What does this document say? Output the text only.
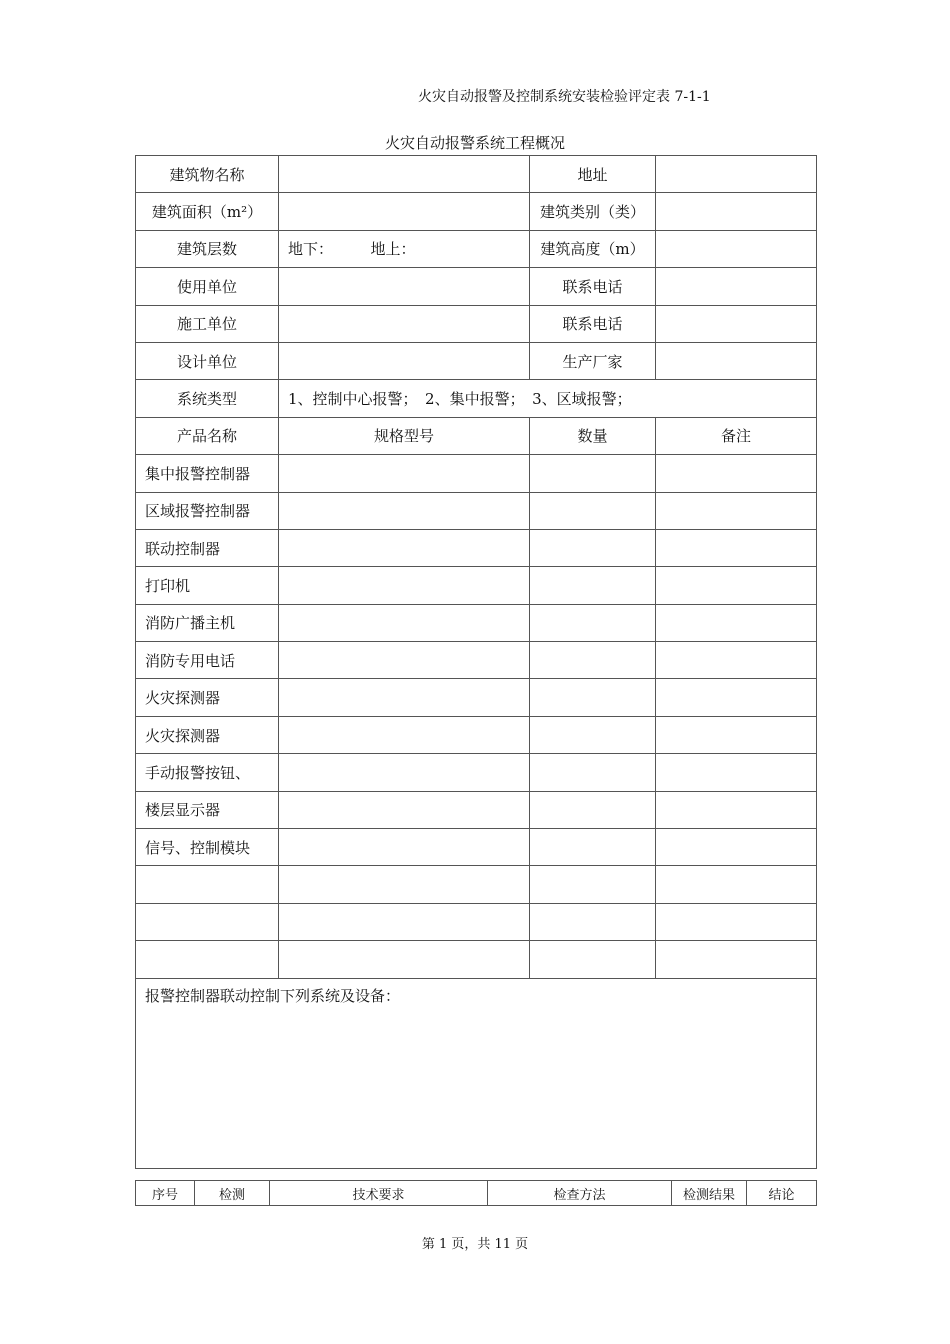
火灾自动报警及控制系统安装检验评定表 7-1-1
火灾自动报警系统工程概况
建筑物名称		地址	
建筑面积（m²）		建筑类别（类）	
建筑层数	地下：　　　地上：	建筑高度（m）	
使用单位		联系电话	
施工单位		联系电话	
设计单位		生产厂家	
系统类型	1、控制中心报警；　2、集中报警；　3、区域报警；		
产品名称	规格型号	数量	备注
集中报警控制器			
区域报警控制器			
联动控制器			
打印机			
消防广播主机			
消防专用电话			
火灾探测器			
火灾探测器			
手动报警按钮、			
楼层显示器			
信号、控制模块			

报警控制器联动控制下列系统及设备：			
序号	检测	技术要求	检查方法	检测结果	结论
第 1 页，共 11 页
